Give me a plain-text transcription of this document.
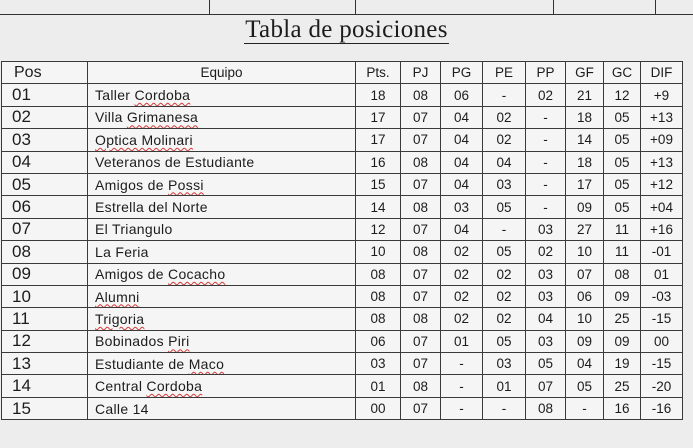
Tabla de posiciones
Pos	Equipo	Pts.	PJ	PG	PE	PP	GF	GC	DIF
01	Taller Cordoba	18	08	06	-	02	21	12	+9
02	Villa Grimanesa	17	07	04	02	-	18	05	+13
03	Optica Molinari	17	07	04	02	-	14	05	+09
04	Veteranos de Estudiante	16	08	04	04	-	18	05	+13
05	Amigos de Possi	15	07	04	03	-	17	05	+12
06	Estrella del Norte	14	08	03	05	-	09	05	+04
07	El Triangulo	12	07	04	-	03	27	11	+16
08	La Feria	10	08	02	05	02	10	11	-01
09	Amigos de Cocacho	08	07	02	02	03	07	08	01
10	Alumni	08	07	02	02	03	06	09	-03
11	Trigoria	08	08	02	02	04	10	25	-15
12	Bobinados Piri	06	07	01	05	03	09	09	00
13	Estudiante de Maco	03	07	-	03	05	04	19	-15
14	Central Cordoba	01	08	-	01	07	05	25	-20
15	Calle 14	00	07	-	-	08	-	16	-16
